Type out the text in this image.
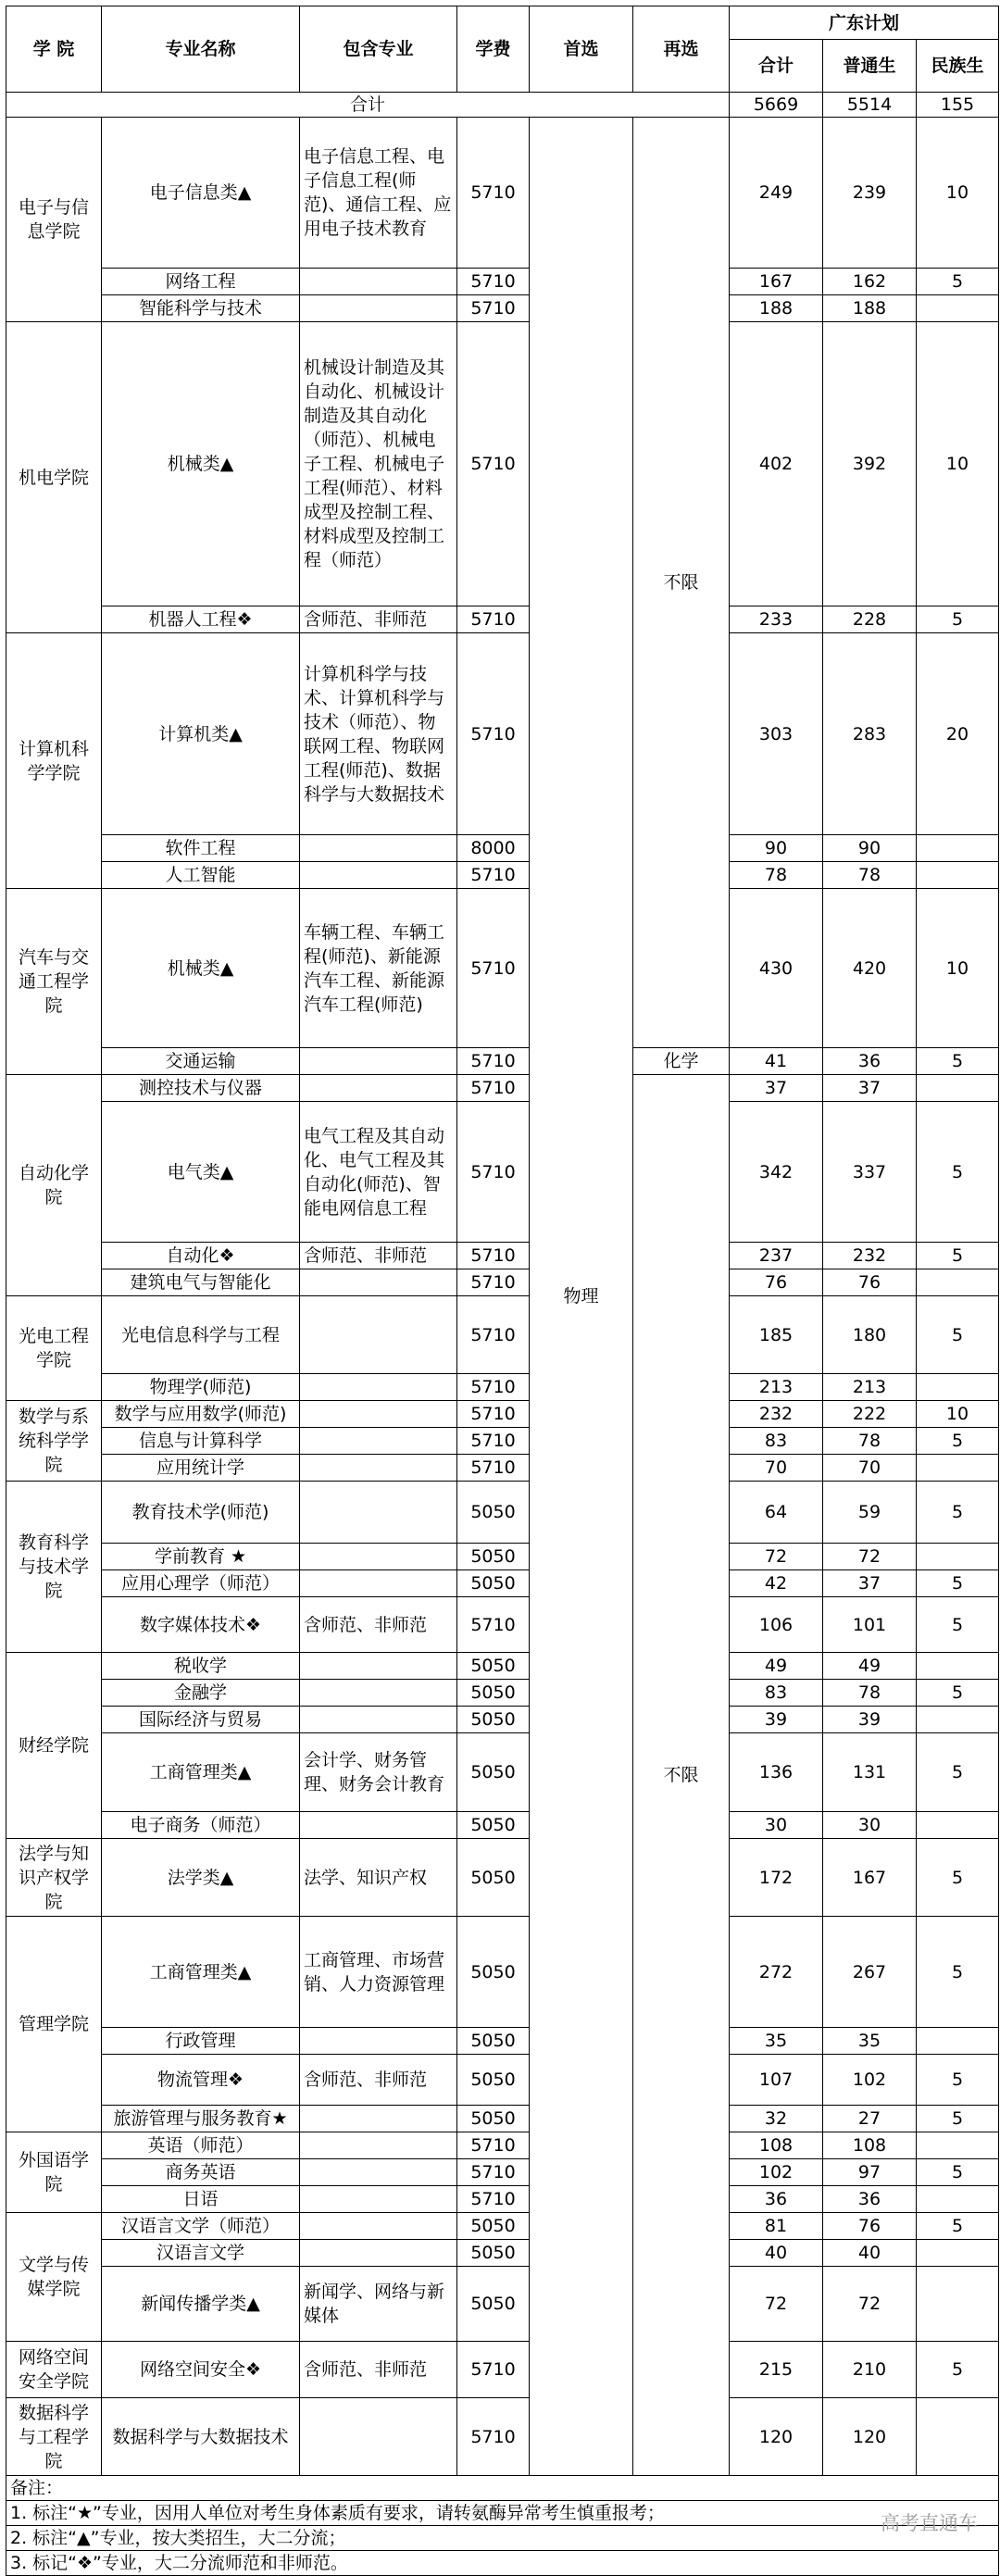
学 院	专业名称	包含专业	学费	首选	再选	广东计划		
						合计	普通生	民族生
合计						5669	5514	155
电子与信息学院	电子信息类▲	电子信息工程、电子信息工程(师范)、通信工程、应用电子技术教育	5710	物理	不限	249	239	10
	网络工程		5710			167	162	5
	智能科学与技术		5710			188	188	
机电学院	机械类▲	机械设计制造及其自动化、机械设计制造及其自动化（师范）、机械电子工程、机械电子工程(师范）、材料成型及控制工程、材料成型及控制工程（师范）	5710			402	392	10
	机器人工程❖	含师范、非师范	5710			233	228	5
计算机科学学院	计算机类▲	计算机科学与技术、计算机科学与技术（师范）、物联网工程、物联网工程(师范)、数据科学与大数据技术	5710			303	283	20
	软件工程		8000			90	90	
	人工智能		5710			78	78	
汽车与交通工程学院	机械类▲	车辆工程、车辆工程(师范)、新能源汽车工程、新能源汽车工程(师范)	5710			430	420	10
	交通运输		5710		化学	41	36	5
自动化学院	测控技术与仪器		5710		不限	37	37	
	电气类▲	电气工程及其自动化、电气工程及其自动化(师范)、智能电网信息工程	5710			342	337	5
	自动化❖	含师范、非师范	5710			237	232	5
	建筑电气与智能化		5710			76	76	
光电工程学院	光电信息科学与工程		5710			185	180	5
	物理学(师范)		5710			213	213	
数学与系统科学学院	数学与应用数学(师范)		5710			232	222	10
	信息与计算科学		5710			83	78	5
	应用统计学		5710			70	70	
教育科学与技术学院	教育技术学(师范)		5050			64	59	5
	学前教育 ★		5050			72	72	
	应用心理学（师范）		5050			42	37	5
	数字媒体技术❖	含师范、非师范	5710			106	101	5
财经学院	税收学		5050			49	49	
	金融学		5050			83	78	5
	国际经济与贸易		5050			39	39	
	工商管理类▲	会计学、财务管理、财务会计教育	5050			136	131	5
	电子商务（师范）		5050			30	30	
法学与知识产权学院	法学类▲	法学、知识产权	5050			172	167	5
管理学院	工商管理类▲	工商管理、市场营销、人力资源管理	5050			272	267	5
	行政管理		5050			35	35	
	物流管理❖	含师范、非师范	5050			107	102	5
	旅游管理与服务教育★		5050			32	27	5
外国语学院	英语（师范）		5710			108	108	
	商务英语		5710			102	97	5
	日语		5710			36	36	
文学与传媒学院	汉语言文学（师范）		5050			81	76	5
	汉语言文学		5050			40	40	
	新闻传播学类▲	新闻学、网络与新媒体	5050			72	72	
网络空间安全学院	网络空间安全❖	含师范、非师范	5710			215	210	5
数据科学与工程学院	数据科学与大数据技术		5710			120	120	
备注：								
1. 标注“★”专业，因用人单位对考生身体素质有要求，请转氨酶异常考生慎重报考；								
2. 标注“▲”专业，按大类招生，大二分流；								
3. 标记“❖”专业，大二分流师范和非师范。								
高考直通车
